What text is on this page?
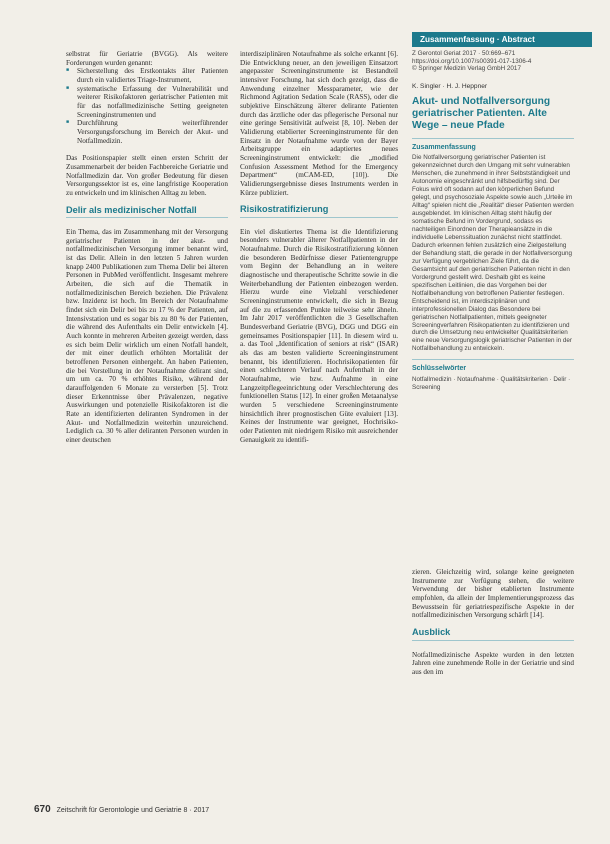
selbstrat für Geriatrie (BVGG). Als weitere Forderungen wurden genannt:

■ Sicherstellung des Erstkontakts älter Patienten durch ein validiertes Triage-Instrument,
■ systematische Erfassung der Vulnerabilität und weiterer Risikofaktoren geriatrischer Patienten mit für das notfallmedizinische Setting geeigneten Screeninginstrumenten und
■ Durchführung weiterführender Versorgungsforschung im Bereich der Akut- und Notfallmedizin.

Das Positionspapier stellt einen ersten Schritt der Zusammenarbeit der beiden Fachbereiche Geriatrie und Notfallmedizin dar. Von großer Bedeutung für diesen Versorgungssektor ist es, eine langfristige Kooperation zu entwickeln und im klinischen Alltag zu leben.

Delir als medizinischer Notfall

Ein Thema, das im Zusammenhang mit der Versorgung geriatrischer Patienten in der akut- und notfallmedizinischen Versorgung immer benannt wird, ist das Delir. Allein in den letzten 5 Jahren wurden knapp 2400 Publikationen zum Thema Delir bei älteren Personen in PubMed veröffentlicht. Insgesamt mehrere Arbeiten, die sich auf die Thematik in notfallmedizinischen Bereich beziehen. Die Prävalenz bzw. Inzidenz ist hoch. Im Bereich der Notaufnahme findet sich ein Delir bei bis zu 17 % der Patienten, auf Intensivstation und es sogar bis zu 80 % der Patienten, die während des Aufenthalts ein Delir entwickeln [4]. Auch konnte in mehreren Arbeiten gezeigt werden, dass es sich beim Delir wirklich um einen Notfall handelt, der mit einer deutlich erhöhten Mortalität der betroffenen Personen einhergeht. An haben Patienten, die bei Vorstellung in der Notaufnahme delirant sind, um um ca. 70 % erhöhtes Risiko, während der darauffolgenden 6 Monate zu versterben [5]. Trotz dieser Erkenntnisse über Prävalenzen, negative Auswirkungen und potenzielle Risikofaktoren ist die Rate an identifizierten deliranten Syndromen in der Akut- und Notfallmedizin weiterhin unzureichend. Lediglich ca. 30 % aller deliranten Personen wurden in einer deutschen

interdisziplinären Notaufnahme als solche erkannt [6]. Die Entwicklung neuer, an den jeweiligen Einsatzort angepasster Screeninginstrumente ist Bestandteil intensiver Forschung, hat sich doch gezeigt, dass die Anwendung einzelner Messparameter, wie der Richmond Agitation Sedation Scale (RASS), oder die subjektive Einschätzung älterer delirante Patienten durch das ärztliche oder das pflegerische Personal nur eine geringe Sensitivität aufweist [8, 10]. Neben der Validierung etablierter Screeninginstrumente für den Einsatz in der Notaufnahme wurde von der Bayer Arbeitsgruppe ein adaptiertes neues Screeninginstrument entwickelt: die „modified Confusion Assessment Method for the Emergency Department“ (mCAM-ED, [10]). Die Validierungsergebnisse dieses Instruments werden in Kürze publiziert.

Risikostratifizierung

Ein viel diskutiertes Thema ist die Identifizierung besonders vulnerabler älterer Notfallpatienten in der Notaufnahme. Durch die Risikostratifizierung können die besonderen Bedürfnisse dieser Patientengruppe vom Beginn der Behandlung an in weitere diagnostische und therapeutische Schritte sowie in die Weiterbehandlung der Patienten einbezogen werden. Hierzu wurde eine Vielzahl verschiedener Screeninginstrumente entwickelt, die sich in Bezug auf die zu erfassenden Punkte teilweise sehr ähneln. Im Jahr 2017 veröffentlichten die 3 Gesellschaften Bundesverband Geriatrie (BVG), DGG und DGG ein gemeinsames Positionspapier [11]. In diesem wird u. a. das Tool „Identification of seniors at risk“ (ISAR) als das am besten validierte Screeninginstrument benannt, bis identifizieren. Hochrisikopatienten für einen schlechteren Verlauf nach Aufenthalt in der Notaufnahme, wie bzw. Aufnahme in eine Langzeitpflegeeinrichtung oder Verschlechterung des funktionellen Status [12]. In einer großen Metaanalyse wurden 5 verschiedene Screeninginstrumente hinsichtlich ihrer prognostischen Güte evaluiert [13]. Keines der Instrumente war geeignet, Hochrisiko- oder Patienten mit niedrigem Risiko mit ausreichender Genauigkeit zu identifi-

Zusammenfassung · Abstract
Z Gerontol Geriat 2017 · 50:669–671
https://doi.org/10.1007/s00391-017-1306-4
© Springer Medizin Verlag GmbH 2017
K. Singler · H. J. Heppner
Akut- und Notfallversorgung geriatrischer Patienten. Alte Wege – neue Pfade
Zusammenfassung
Die Notfallversorgung geriatrischer Patienten ist gekennzeichnet durch den Umgang mit sehr vulnerablen Menschen, die zunehmend in ihrer Selbstständigkeit und Autonomie eingeschränkt und hilfsbedürftig sind. Der Fokus wird oft sodann auf den körperlichen Befund gelegt, und psychosoziale Aspekte sowie auch „Urteile im Alltag“ spielen nicht die „Realität“ dieser Patienten werden ausgeblendet. Im klinischen Alltag steht häufig der somatische Befund im Vordergrund, sodass es nachteiligen Einordnen der Therapieansätze in die individuelle Lebenssituation zunächst nicht stattfindet. Dadurch erkennen fehlen zusätzlich eine Zielgestellung der Behandlung statt, die gerade in der Notfallversorgung zur Verfügung vergeblichen Ziele führt, da die Gesamtsicht auf den geriatrischen Patienten nicht in den Vordergrund gestellt wird. Deshalb gibt es keine spezifischen Leitlinien, die das Vorgehen bei der Notfallbehandlung von betroffenen Patienter festlegen. Entscheidend ist, im interdisziplinären und interprofessionellen Dialog das Besondere bei geriatrischen Notfallpatienten, mittels geeigneter Screeningverfahren Risikopatienten zu identifizieren und durch die Umsetzung neu entwickelter Qualitätskriterien eine neue Versorgungslogik geriatrischer Patienten in der Notfallbehandlung zu entwickeln.
Schlüsselwörter
Notfallmedizin · Notaufnahme · Qualitätskriterien · Delir · Screening

zieren. Gleichzeitig wird, solange keine geeigneten Instrumente zur Verfügung stehen, die weitere Verwendung der bisher etablierten Instrumente empfohlen, da allein der Implementierungsprozess das Bewusstsein für geriatriespezifische Aspekte in der notfallmedizinischen Versorgung schärft [14].

Ausblick

Notfallmedizinische Aspekte wurden in den letzten Jahren eine zunehmende Rolle in der Geriatrie und sind aus den im

670 Zeitschrift für Gerontologie und Geriatrie 8 · 2017
